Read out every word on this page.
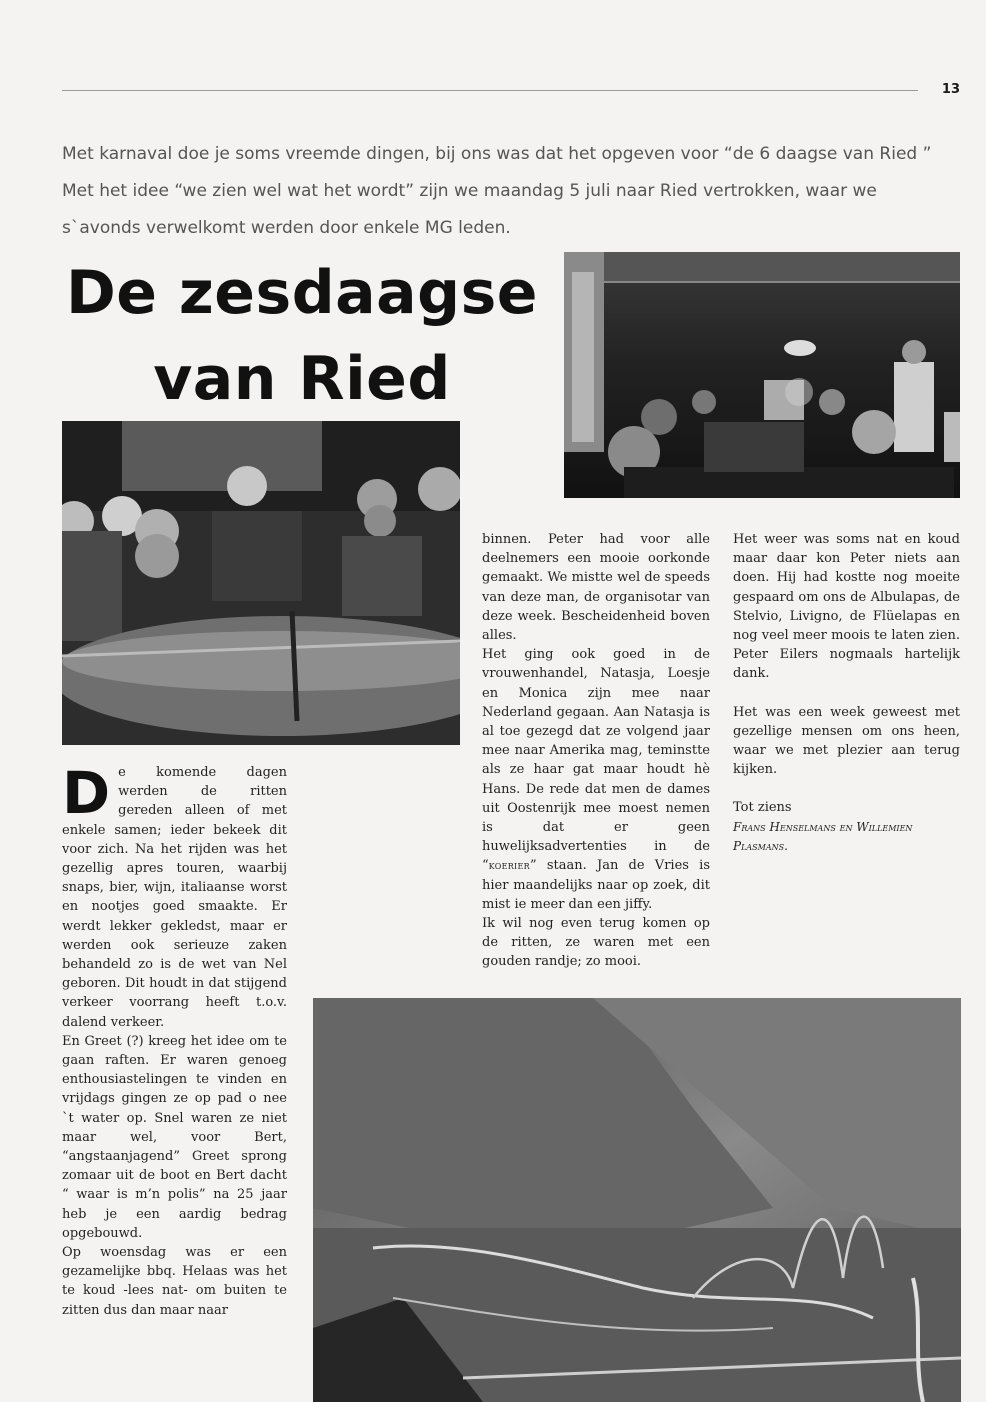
13
Met karnaval doe je soms vreemde dingen, bij ons was dat het opgeven voor “de 6 daagse van Ried ”
Met het idee “we zien wel wat het wordt” zijn we maandag 5 juli naar Ried vertrokken, waar we
s`avonds verwelkomt werden door enkele MG leden.
De zesdaagse
van Ried
D e komende dagen werden de ritten gereden alleen of met enkele samen; ieder bekeek dit voor zich. Na het rijden was het gezellig apres touren, waarbij snaps, bier, wijn, italiaanse worst en nootjes goed smaakte. Er werdt lekker gekledst, maar er werden ook serieuze zaken behandeld zo is de wet van Nel geboren. Dit houdt in dat stijgend verkeer voorrang heeft t.o.v. dalend verkeer.

En Greet (?) kreeg het idee om te gaan raften. Er waren genoeg enthousiastelingen te vinden en vrijdags gingen ze op pad o nee `t water op. Snel waren ze niet maar wel, voor Bert, “angstaanjagend” Greet sprong zomaar uit de boot en Bert dacht “ waar is m’n polis” na 25 jaar heb je een aardig bedrag opgebouwd.

Op woensdag was er een gezamelijke bbq. Helaas was het te koud -lees nat- om buiten te zitten dus dan maar naar

binnen. Peter had voor alle deelnemers een mooie oorkonde gemaakt. We mistte wel de speeds van deze man, de organisotar van deze week. Bescheidenheid boven alles.

Het ging ook goed in de vrouwenhandel, Natasja, Loesje en Monica zijn mee naar Nederland gegaan. Aan Natasja is al toe gezegd dat ze volgend jaar mee naar Amerika mag, teminstte als ze haar gat maar houdt hè Hans. De rede dat men de dames uit Oostenrijk mee moest nemen is dat er geen huwelijksadvertenties in de “koerier” staan. Jan de Vries is hier maandelijks naar op zoek, dit mist ie meer dan een jiffy.

Ik wil nog even terug komen op de ritten, ze waren met een gouden randje; zo mooi.

Het weer was soms nat en koud maar daar kon Peter niets aan doen. Hij had kostte nog moeite gespaard om ons de Albulapas, de Stelvio, Livigno, de Flüelapas en nog veel meer moois te laten zien. Peter Eilers nogmaals hartelijk dank.

Het was een week geweest met gezellige mensen om ons heen, waar we met plezier aan terug kijken.

Tot ziens

Frans Henselmans en Willemien Plasmans.
